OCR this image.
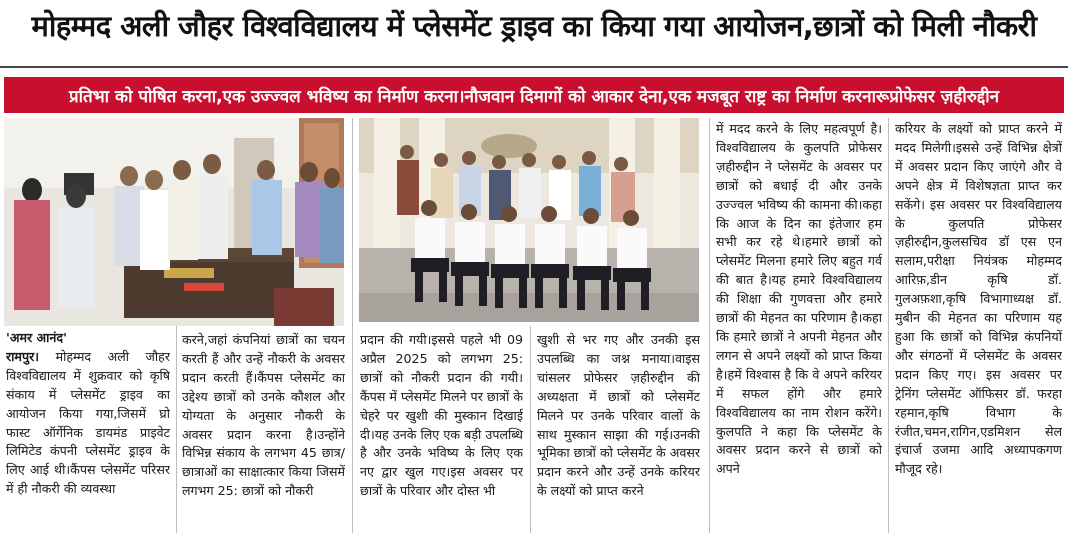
मोहम्मद अली जौहर विश्वविद्यालय में प्लेसमेंट ड्राइव का किया गया आयोजन,छात्रों को मिली नौकरी
प्रतिभा को पोषित करना,एक उज्ज्वल भविष्य का निर्माण करना।नौजवान दिमागों को आकार देना,एक मजबूत राष्ट्र का निर्माण करनारूप्रोफेसर ज़हीरुद्दीन
'अमर आनंद'
रामपुर। मोहम्मद अली जौहर विश्वविद्यालय में शुक्रवार को कृषि संकाय में प्लेसमेंट ड्राइव का आयोजन किया गया,जिसमें घ्रो फास्ट ऑर्गेनिक डायमंड प्राइवेट लिमिटेड कंपनी प्लेसमेंट ड्राइव के लिए आई थी।कैंपस प्लेसमेंट परिसर में ही नौकरी की व्यवस्था
करने,जहां कंपनियां छात्रों का चयन करती हैं और उन्हें नौकरी के अवसर प्रदान करती हैं।कैंपस प्लेसमेंट का उद्देश्य छात्रों को उनके कौशल और योग्यता के अनुसार नौकरी के अवसर प्रदान करना है।उन्होंने विभिन्न संकाय के लगभग 45 छात्र/छात्राओं का साक्षात्कार किया जिसमें लगभग 25: छात्रों को नौकरी
प्रदान की गयी।इससे पहले भी 09 अप्रैल 2025 को लगभग 25: छात्रों को नौकरी प्रदान की गयी।कैंपस में प्लेसमेंट मिलने पर छात्रों के चेहरे पर खुशी की मुस्कान दिखाई दी।यह उनके लिए एक बड़ी उपलब्धि है और उनके भविष्य के लिए एक नए द्वार खुल गए।इस अवसर पर छात्रों के परिवार और दोस्त भी
खुशी से भर गए और उनकी इस उपलब्धि का जश्न मनाया।वाइस चांसलर प्रोफेसर ज़हीरुद्दीन की अध्यक्षता में छात्रों को प्लेसमेंट मिलने पर उनके परिवार वालों के साथ मुस्कान साझा की गई।उनकी भूमिका छात्रों को प्लेसमेंट के अवसर प्रदान करने और उन्हें उनके करियर के लक्ष्यों को प्राप्त करने
में मदद करने के लिए महत्वपूर्ण है।विश्वविद्यालय के कुलपति प्रोफेसर ज़हीरुद्दीन ने प्लेसमेंट के अवसर पर छात्रों को बधाई दी और उनके उज्ज्वल भविष्य की कामना की।कहा कि आज के दिन का इंतेजार हम सभी कर रहे थे।हमारे छात्रों को प्लेसमेंट मिलना हमारे लिए बहुत गर्व की बात है।यह हमारे विश्वविद्यालय की शिक्षा की गुणवत्ता और हमारे छात्रों की मेहनत का परिणाम है।कहा कि हमारे छात्रों ने अपनी मेहनत और लगन से अपने लक्ष्यों को प्राप्त किया है।हमें विश्वास है कि वे अपने करियर में सफल होंगे और हमारे विश्वविद्यालय का नाम रोशन करेंगे।कुलपति ने कहा कि प्लेसमेंट के अवसर प्रदान करने से छात्रों को अपने
करियर के लक्ष्यों को प्राप्त करने में मदद मिलेगी।इससे उन्हें विभिन्न क्षेत्रों में अवसर प्रदान किए जाएंगे और वे अपने क्षेत्र में विशेषज्ञता प्राप्त कर सकेंगे। इस अवसर पर विश्वविद्यालय के कुलपति प्रोफेसर ज़हीरुद्दीन,कुलसचिव डॉ एस एन सलाम,परीक्षा नियंत्रक मोहम्मद आरिफ़,डीन कृषि डॉ. गुलअफ़शा,कृषि विभागाध्यक्ष डॉ. मुबीन की मेहनत का परिणाम यह हुआ कि छात्रों को विभिन्न कंपनियों और संगठनों में प्लेसमेंट के अवसर प्रदान किए गए। इस अवसर पर ट्रेनिंग प्लेसमेंट ऑफिसर डॉ. फरहा रहमान,कृषि विभाग के रंजीत,चमन,रागिन,एडमिशन सेल इंचार्ज उजमा आदि अध्यापकगण मौजूद रहे।
